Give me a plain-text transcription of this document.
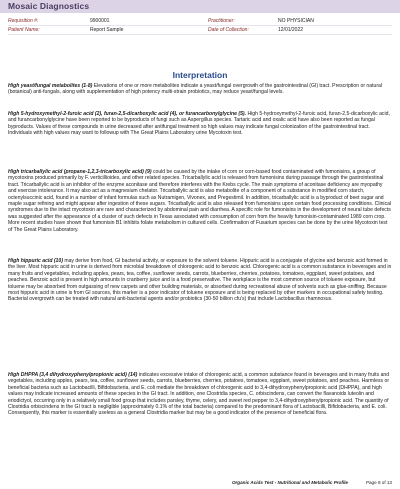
Mosaic Diagnostics
Requisition #:	9900001	Practitioner:	NO PHYSICIAN
Patient Name:	Report Sample	Date of Collection:	12/01/2022
Interpretation
High yeast/fungal metabolites (1-8) Elevations of one or more metabolites indicate a yeast/fungal overgrowth of the gastrointestinal (GI) tract. Prescription or natural (botanical) anti-fungals, along with supplementation of high potency multi-strain probiotics, may reduce yeast/fungal levels.
High 5-hydroxymethyl-2-furoic acid (2), furan-2,5-dicarboxylic acid (4), or furancarbonylglycine (5). High 5-hydroxymethyl-2-furoic acid, furan-2,5-dicarboxylic acid, and furancarbonylglycine have been reported to be byproducts of fungi such as Aspergillus species. Tartaric acid and oxalic acid have also been reported as fungal byproducts. Values of these compounds in urine decreased after antifungal treatment so high values may indicate fungal colonization of the gastrointestinal tract. Individuals with high values may want to followup with The Great Plains Laboratory urine Mycotoxin test.
High tricarballylic acid (propane-1,2,3-tricarboxylic acid) (9) could be caused by the intake of corn or corn-based food contaminated with fumonisins, a group of mycotoxins produced primarily by F. verticillioides, and other related species. Tricarballylic acid is released from fumonisins during passage through the gastrointestinal tract. Tricarballylic acid is an inhibitor of the enzyme aconitase and therefore interferes with the Krebs cycle. The main symptoms of aconitase deficiency are myopathy and exercise intolerance. It may also act as a magnesium chelator. Tricarballylic acid is also metabolite of a component of a substance in modified corn starch, octenylsuccinic acid, found in a number of infant formulas such as Nutramigen, Vivonex, and Pregestimil. In addition, tricarballylic acid is a byproduct of beet sugar and maple sugar refining and might appear after ingestion of these sugars. Tricarballylic acid is also released from fumonisins upon certain food processing conditions. Clinical syndromes due to the intact mycotoxin are rare and characterized by abdominal pain and diarrhea. A specific role for fumonisins in the development of neural tube defects was suggested after the appearance of a cluster of such defects in Texas associated with consumption of corn from the heavily fumonisin-contaminated 1989 corn crop. More recent studies have shown that fumonisin B1 inhibits folate metabolism in cultured cells. Confirmation of Fusarium species can be done by the urine Mycotoxin test of The Great Plains Laboratory.
High hippuric acid (10) may derive from food, GI bacterial activity, or exposure to the solvent toluene. Hippuric acid is a conjugate of glycine and benzoic acid formed in the liver. Most hippuric acid in urine is derived from microbial breakdown of chlorogenic acid to benzoic acid. Chlorogenic acid is a common substance in beverages and in many fruits and vegetables, including apples, pears, tea, coffee, sunflower seeds, carrots, blueberries, cherries, potatoes, tomatoes, eggplant, sweet potatoes, and peaches. Benzoic acid is present in high amounts in cranberry juice and is a food preservative. The workplace is the most common source of toluene exposure, but toluene may be absorbed from outgassing of new carpets and other building materials, or absorbed during recreational abuse of solvents such as glue-sniffing. Because most hippuric acid in urine is from GI sources, this marker is a poor indicator of toluene exposure and is being replaced by other markers in occupational safety testing. Bacterial overgrowth can be treated with natural anti-bacterial agents and/or probiotics (30-50 billion cfu's) that include Lactobacillus rhamnosus.
High DHPPA (3,4 dihydroxyphenylpropionic acid) (14) indicates excessive intake of chlorogenic acid, a common substance found in beverages and in many fruits and vegetables, including apples, pears, tea, coffee, sunflower seeds, carrots, blueberries, cherries, potatoes, tomatoes, eggplant, sweet potatoes, and peaches. Harmless or beneficial bacteria such as Lactobacilli, Bifidobacteria, and E. coli mediate the breakdown of chlorogenic acid to 3,4-dihydroxyphenylpropionic acid (DHPPA), and high values may indicate increased amounts of these species in the GI tract. In addition, one Clostridia species, C. orbiscindens, can convert the flavanoids luteolin and eriodictyol, occurring only in a relatively small food group that includes parsley, thyme, celery, and sweet red pepper to 3,4-dihydroxyphenylpropionic acid. The quantity of Clostridia orbiscindens in the GI tract is negligible (approximately 0.1% of the total bacteria) compared to the predominant flora of Lactobacilli, Bifidobacteria, and E. coli. Consequently, this marker is essentially useless as a general Clostridia marker but may be a good indicator of the presence of beneficial flora.
Organic Acids Test - Nutritional and Metabolic Profile	Page 8 of 13
